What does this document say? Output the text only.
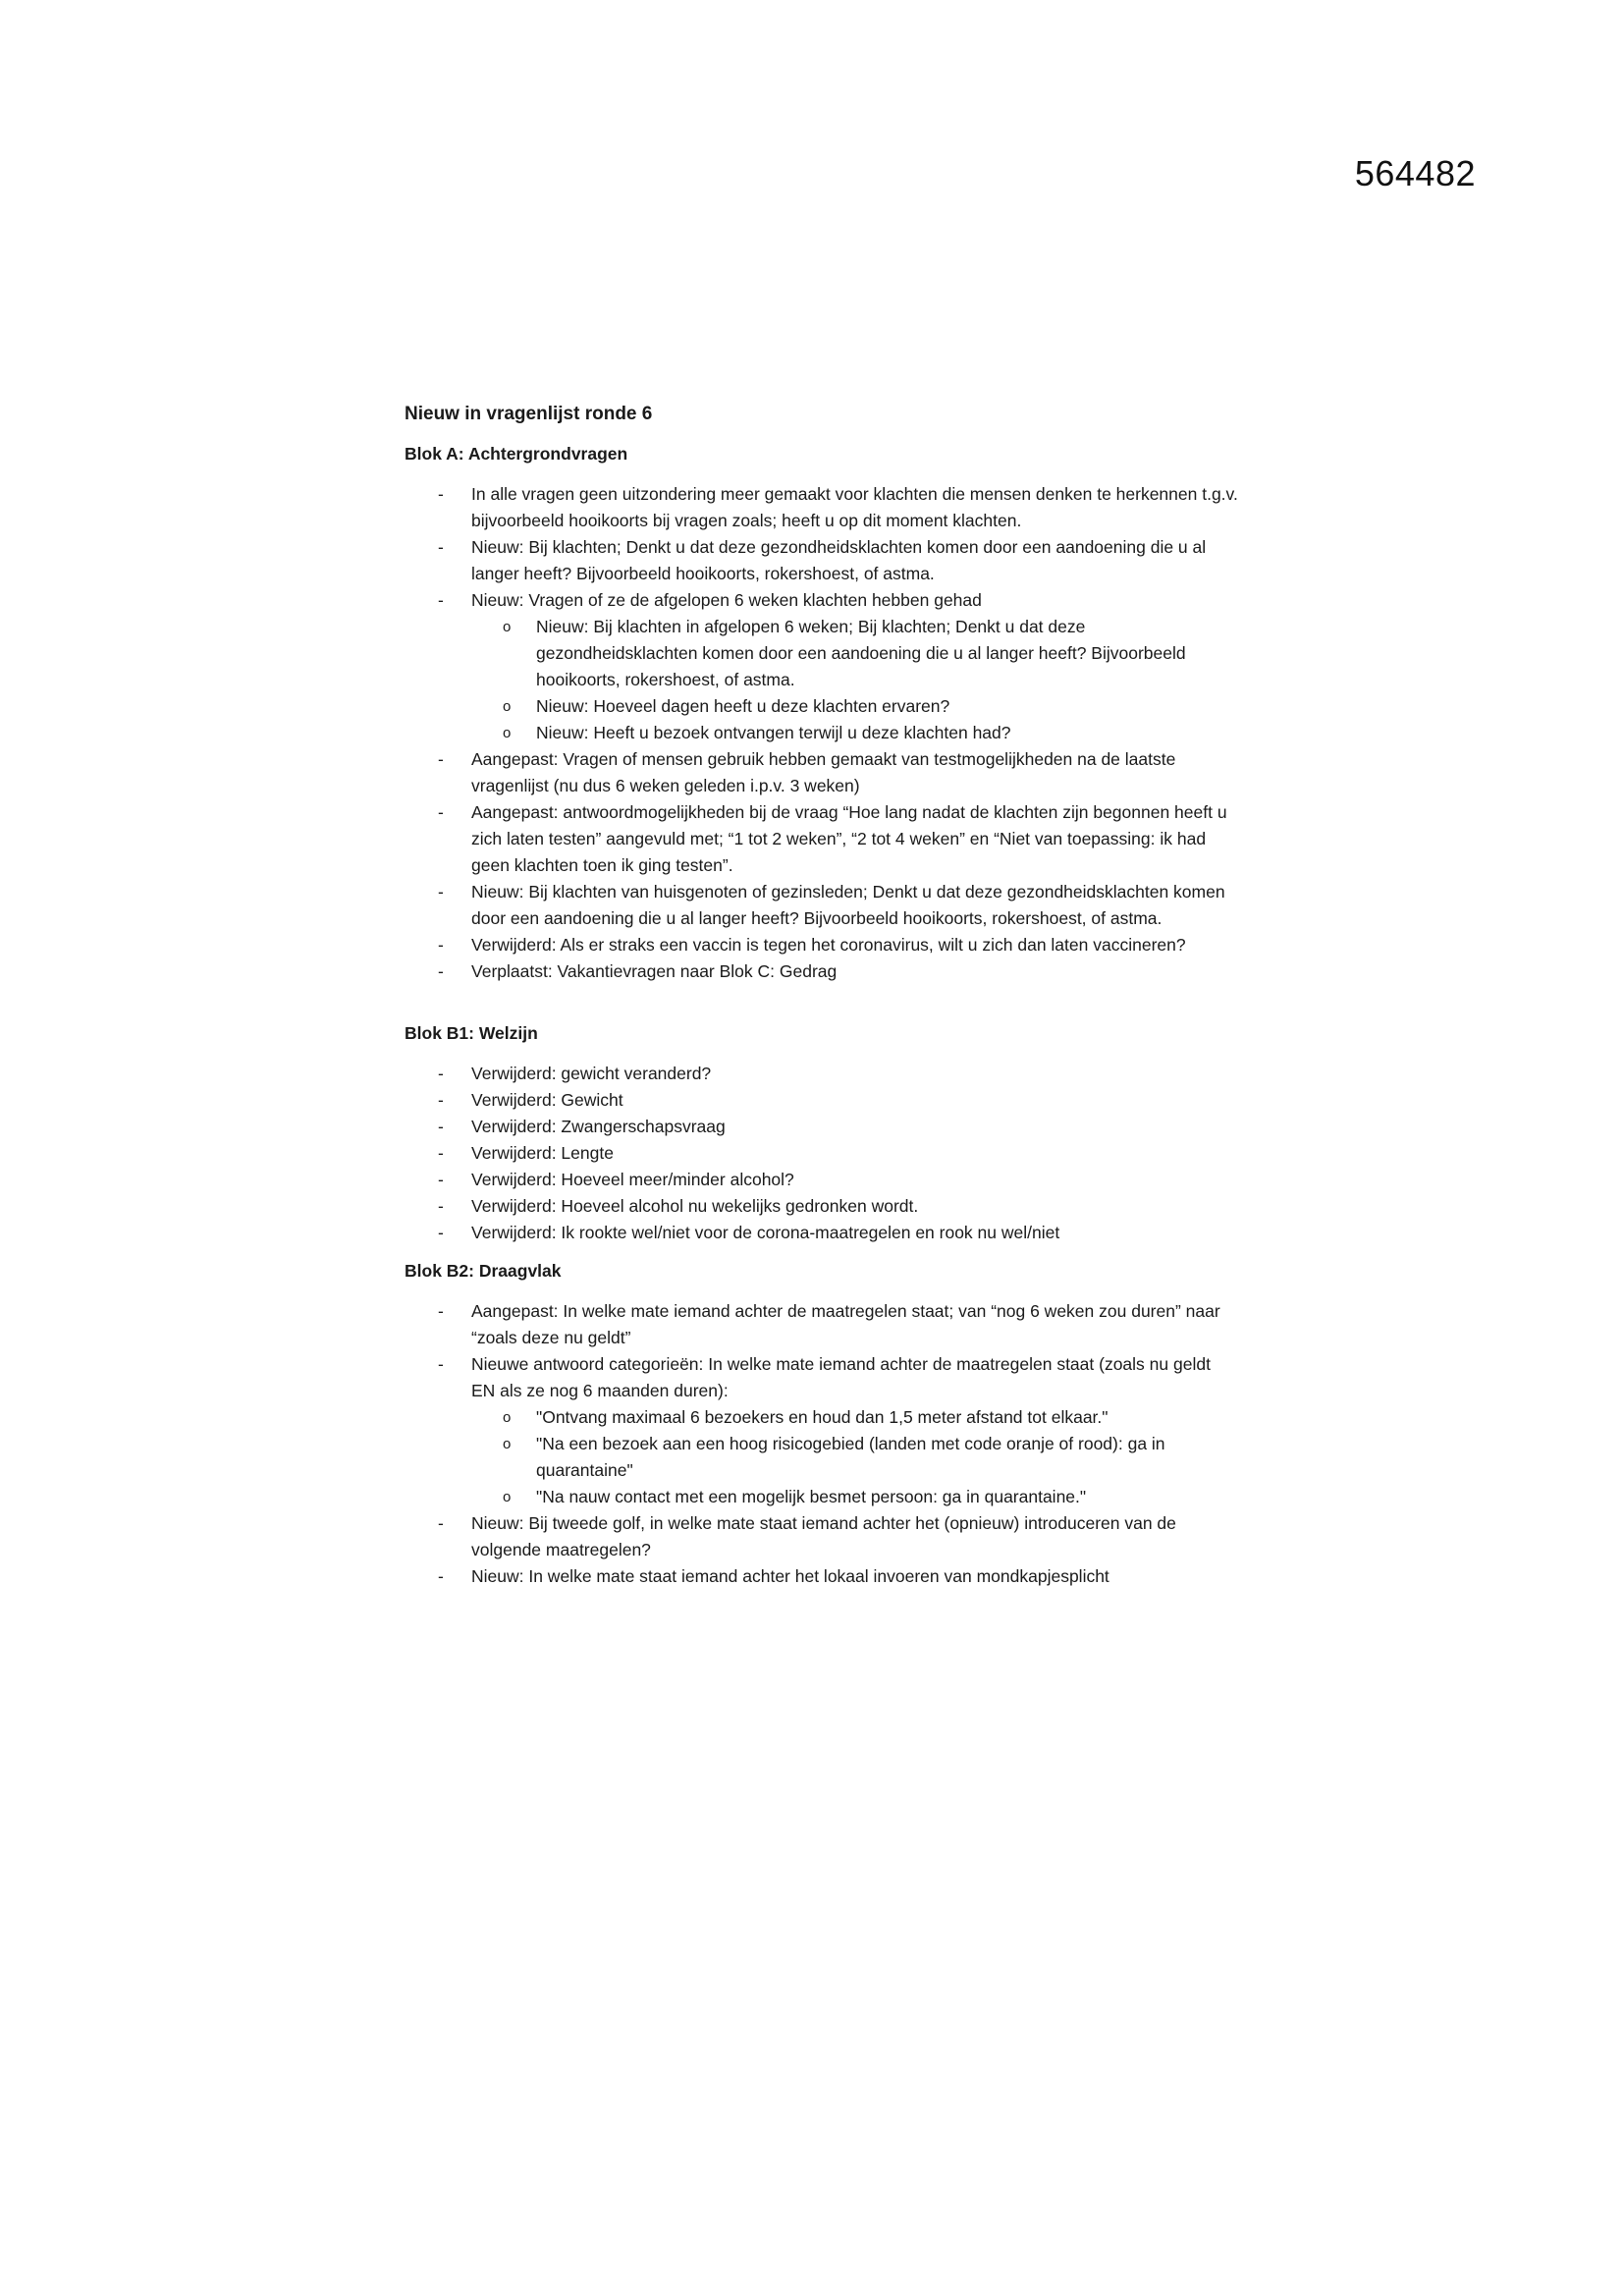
564482
Nieuw in vragenlijst ronde 6
Blok A: Achtergrondvragen
- In alle vragen geen uitzondering meer gemaakt voor klachten die mensen denken te herkennen t.g.v. bijvoorbeeld hooikoorts bij vragen zoals; heeft u op dit moment klachten.
- Nieuw: Bij klachten; Denkt u dat deze gezondheidsklachten komen door een aandoening die u al langer heeft? Bijvoorbeeld hooikoorts, rokershoest, of astma.
- Nieuw: Vragen of ze de afgelopen 6 weken klachten hebben gehad
o Nieuw: Bij klachten in afgelopen 6 weken; Bij klachten; Denkt u dat deze gezondheidsklachten komen door een aandoening die u al langer heeft? Bijvoorbeeld hooikoorts, rokershoest, of astma.
o Nieuw: Hoeveel dagen heeft u deze klachten ervaren?
o Nieuw: Heeft u bezoek ontvangen terwijl u deze klachten had?
- Aangepast: Vragen of mensen gebruik hebben gemaakt van testmogelijkheden na de laatste vragenlijst (nu dus 6 weken geleden i.p.v. 3 weken)
- Aangepast: antwoordmogelijkheden bij de vraag “Hoe lang nadat de klachten zijn begonnen heeft u zich laten testen” aangevuld met; “1 tot 2 weken”, “2 tot 4 weken” en “Niet van toepassing: ik had geen klachten toen ik ging testen”.
- Nieuw: Bij klachten van huisgenoten of gezinsleden; Denkt u dat deze gezondheidsklachten komen door een aandoening die u al langer heeft? Bijvoorbeeld hooikoorts, rokershoest, of astma.
- Verwijderd: Als er straks een vaccin is tegen het coronavirus, wilt u zich dan laten vaccineren?
- Verplaatst: Vakantievragen naar Blok C: Gedrag
Blok B1: Welzijn
- Verwijderd: gewicht veranderd?
- Verwijderd: Gewicht
- Verwijderd: Zwangerschapsvraag
- Verwijderd: Lengte
- Verwijderd: Hoeveel meer/minder alcohol?
- Verwijderd: Hoeveel alcohol nu wekelijks gedronken wordt.
- Verwijderd: Ik rookte wel/niet voor de corona-maatregelen en rook nu wel/niet
Blok B2: Draagvlak
- Aangepast: In welke mate iemand achter de maatregelen staat; van “nog 6 weken zou duren” naar “zoals deze nu geldt”
- Nieuwe antwoord categorieën: In welke mate iemand achter de maatregelen staat (zoals nu geldt EN als ze nog 6 maanden duren):
o "Ontvang maximaal 6 bezoekers en houd dan 1,5 meter afstand tot elkaar."
o "Na een bezoek aan een hoog risicogebied (landen met code oranje of rood): ga in quarantaine"
o "Na nauw contact met een mogelijk besmet persoon: ga in quarantaine."
- Nieuw: Bij tweede golf, in welke mate staat iemand achter het (opnieuw) introduceren van de volgende maatregelen?
- Nieuw: In welke mate staat iemand achter het lokaal invoeren van mondkapjesplicht
